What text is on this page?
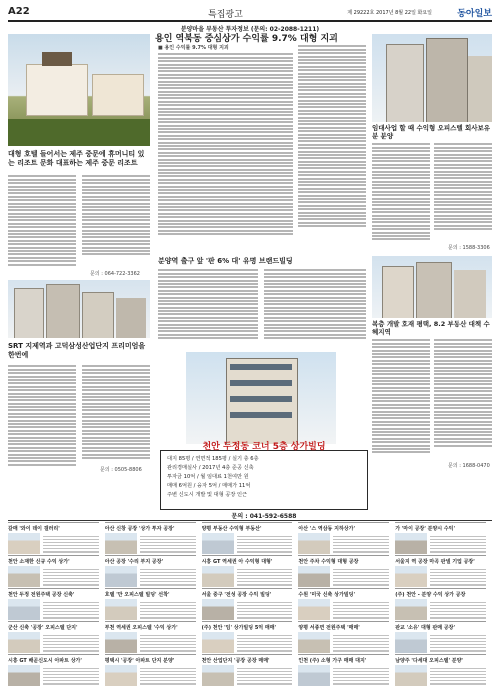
A22	특집광고	제 29222호 2017년 8월 22일 화요일	동아일보
분양마을 부동산 투자정보 (문의: 02-2088-1211)
용인 역북동 중심상가 수익률 9.7% 대형 지괴
■ 용인 수익률 9.7% 대형 지괴
대형 호텔 들어서는 제주 중문에 휴머니티 있는 리조트 문화 대표하는 제주 중문 리조트
문의 : 064-722-3362
임대사업 할 때 수익형 오피스텔 회사보유분 분양
문의 : 1588-3306
분양역 출구 앞 '판 6% 대' 유명 브랜드빌딩
SRT 지제역과 고덕삼성산업단지 프리미엄을 한번에
문의 : 0505-8806
복층 개발 호재 평택, 8.2 부동산 대책 수혜지역
문의 : 1688-0470
천안 두정동 코너 5층 상가빌딩
대지 85평 / 연면적 185평 / 실기 층 6층
관리경매실사 / 2017년 4층 준공 신축
투자금 10억 / 월 임대료 1천여만 원
매매 6억원 / 융자 5억 / 매매가 11억
주변 신도시 개발 및 대형 공장 인근
문의 : 041-592-6588
갈매 '와이 데이 갤러리'	아산 신창 공장 '상가 투자 공장'	양평 부동산 수익형 부동산'	아산 '스 역삼동 지하상가'	가 '마이 공장' 분양시 수익'
천안 소재한 신규 수익 상가'	아산 공장 '수리 부지 공장'	시흥 GT 역세권 아 수익형 대형'	천안 주차 수익형 대형 공장	서울지 역 공장 마곡 판넬 기업 공장'
천안 두정 전원주택 공장 신축'	호텔 '만 오피스텔 빌딩' 선착'	서울 중구 '전성 공장 수익 빌딩'	수원 '미국 신축 상가빌딩'	(주) 천안 - 분양 수익 상가 공장
군산 신축 '공장' 오피스텔 단지'	부천 역세권 오피스텔 '수익 상가'	(주) 천안 '임' 상가빌딩 5억 매매'	양평 서종면 전원주택 '매매'	판교 '소유' 대형 판매 공장'
시흥 GT 배곧신도시 아파트 상가'	평택시 '공장' 아파트 단지 분양'	천안 산업단지 '공장 공장 매매'	인천 (주) 소형 가구 매매 대지'	남양주 '다세대 오피스텔' 분양'
